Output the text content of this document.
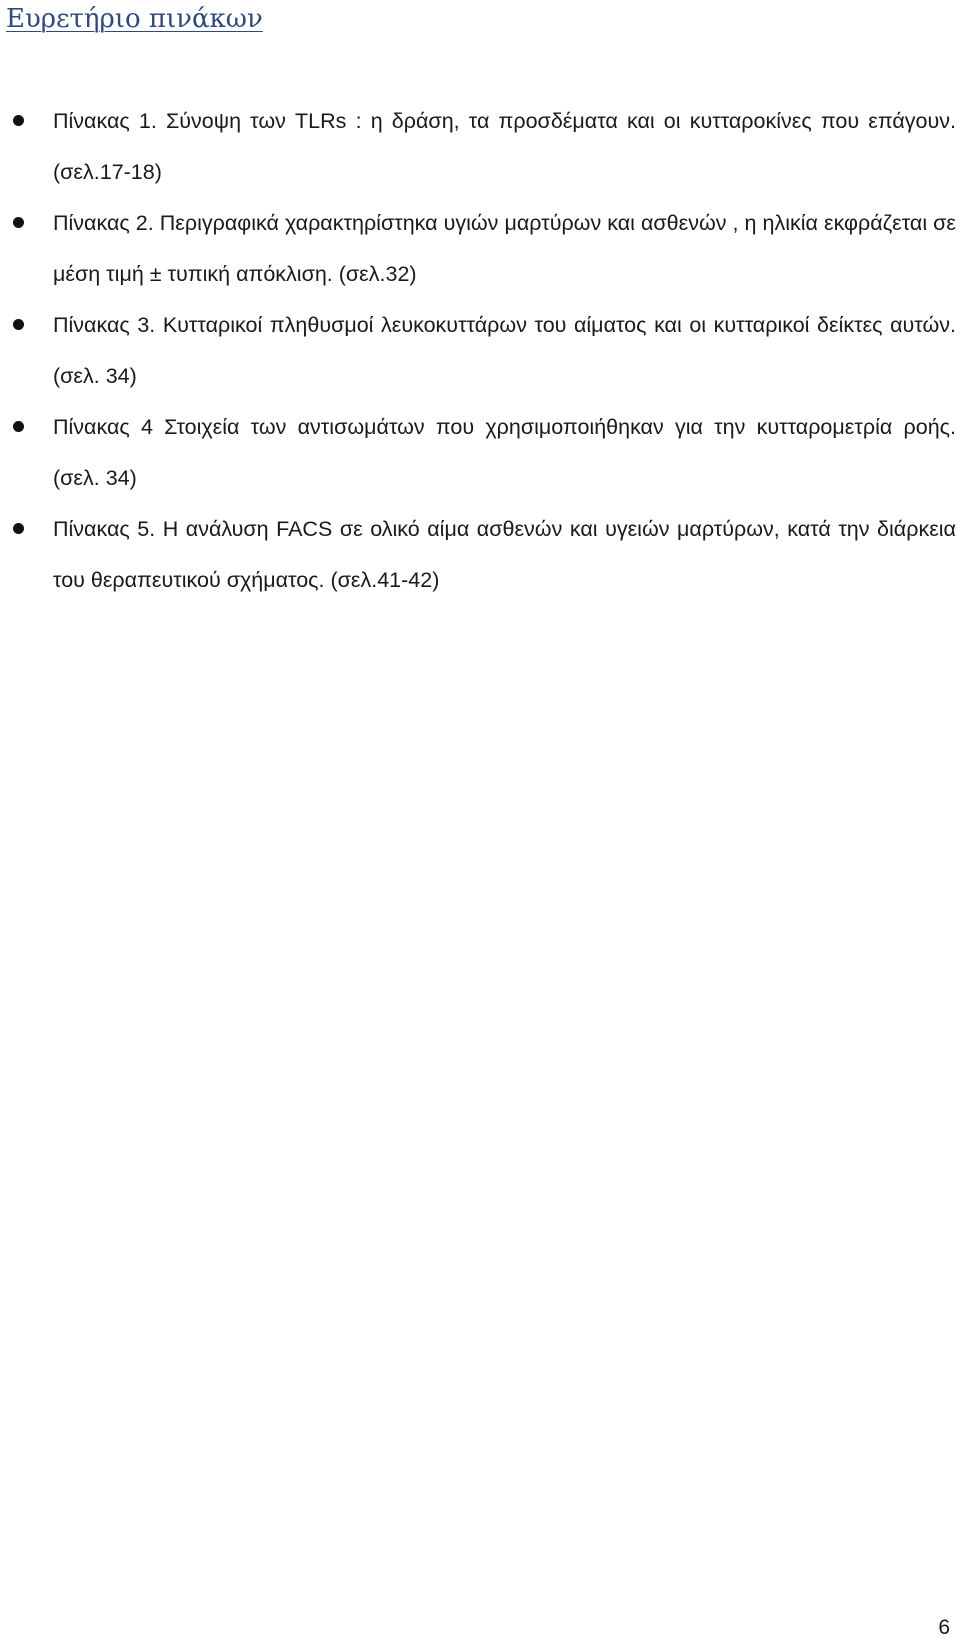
Ευρετήριο πινάκων
Πίνακας 1. Σύνοψη των TLRs : η δράση, τα προσδέματα και οι κυτταροκίνες που επάγουν. (σελ.17-18)
Πίνακας 2. Περιγραφικά χαρακτηρίστηκα υγιών μαρτύρων και ασθενών , η ηλικία εκφράζεται σε μέση τιμή ± τυπική απόκλιση. (σελ.32)
Πίνακας 3. Κυτταρικοί πληθυσμοί λευκοκυττάρων του αίματος και οι κυτταρικοί δείκτες αυτών. (σελ. 34)
Πίνακας 4 Στοιχεία των αντισωμάτων που χρησιμοποιήθηκαν για την κυτταρομετρία ροής. (σελ. 34)
Πίνακας 5. Η ανάλυση FACS σε ολικό αίμα ασθενών και υγειών μαρτύρων, κατά την διάρκεια του θεραπευτικού σχήματος. (σελ.41-42)
6
